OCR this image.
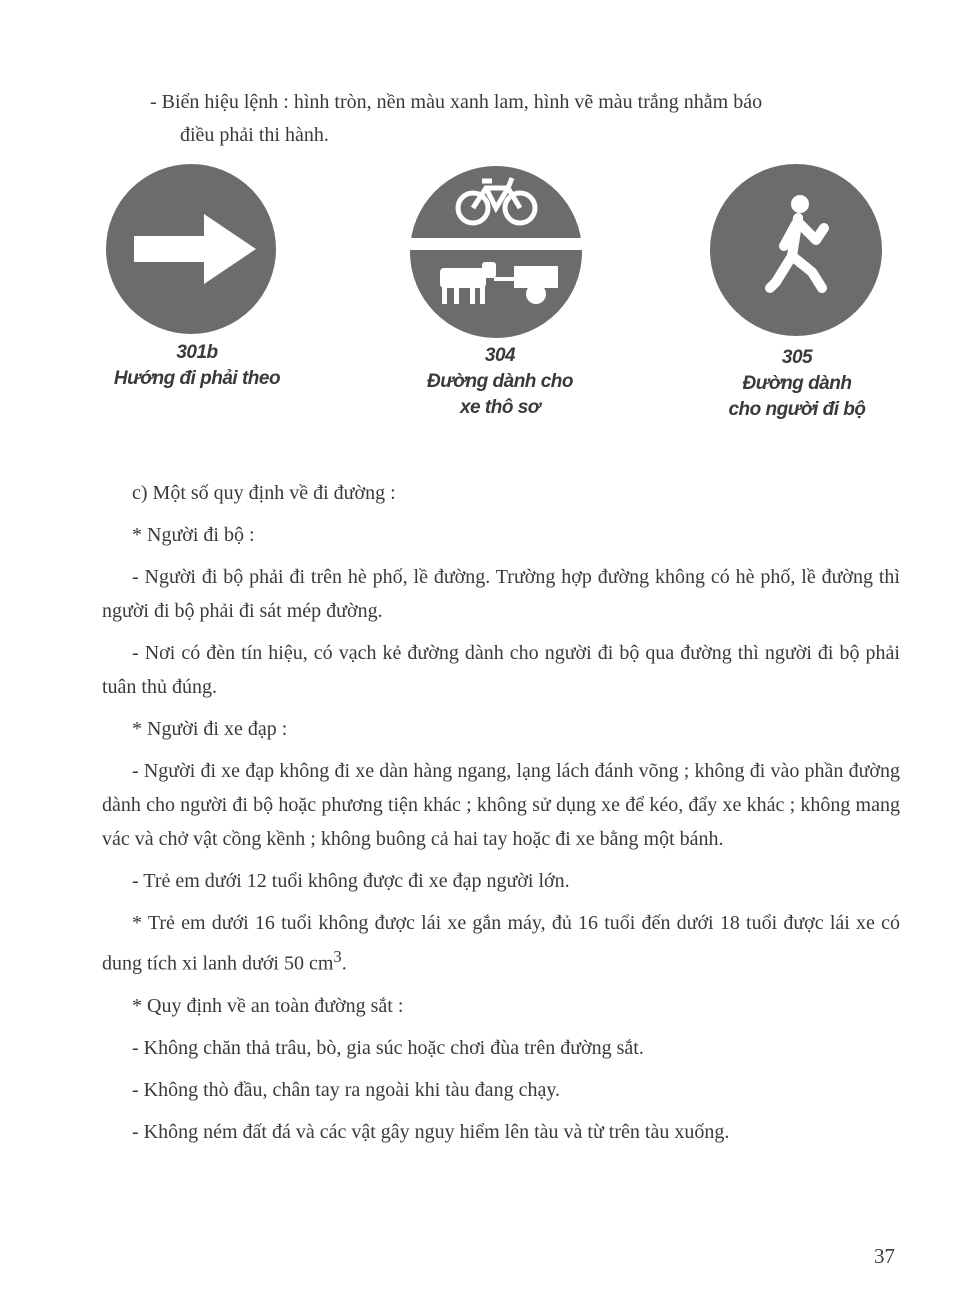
- Biển hiệu lệnh : hình tròn, nền màu xanh lam, hình vẽ màu trắng nhằm báo
điều phải thi hành.

301b
Hướng đi phải theo
304
Đường dành cho
xe thô sơ
305
Đường dành
cho người đi bộ

c) Một số quy định về đi đường :

* Người đi bộ :

- Người đi bộ phải đi trên hè phố, lề đường. Trường hợp đường không có hè phố, lề đường thì người đi bộ phải đi sát mép đường.

- Nơi có đèn tín hiệu, có vạch kẻ đường dành cho người đi bộ qua đường thì người đi bộ phải tuân thủ đúng.

* Người đi xe đạp :

- Người đi xe đạp không đi xe dàn hàng ngang, lạng lách đánh võng ; không đi vào phần đường dành cho người đi bộ hoặc phương tiện khác ; không sử dụng xe để kéo, đẩy xe khác ; không mang vác và chở vật cồng kềnh ; không buông cả hai tay hoặc đi xe bằng một bánh.

- Trẻ em dưới 12 tuổi không được đi xe đạp người lớn.

* Trẻ em dưới 16 tuổi không được lái xe gắn máy, đủ 16 tuổi đến dưới 18 tuổi được lái xe có dung tích xi lanh dưới 50 $cm^3$.

* Quy định về an toàn đường sắt :

- Không chăn thả trâu, bò, gia súc hoặc chơi đùa trên đường sắt.

- Không thò đầu, chân tay ra ngoài khi tàu đang chạy.

- Không ném đất đá và các vật gây nguy hiểm lên tàu và từ trên tàu xuống.

37
